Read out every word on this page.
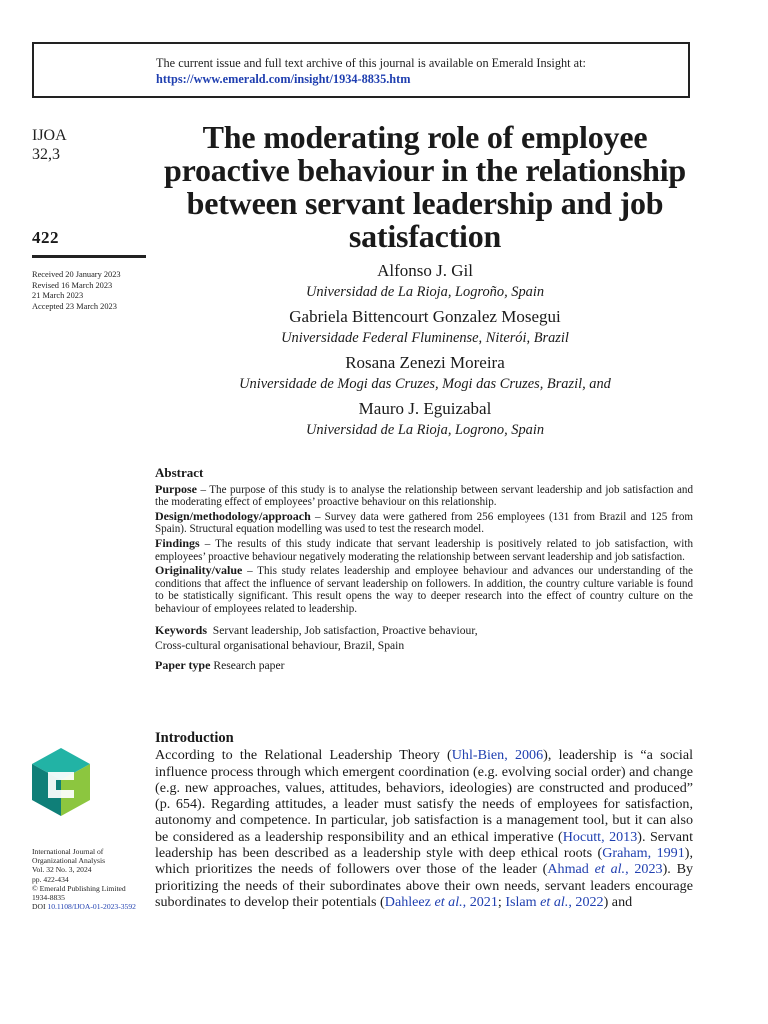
The current issue and full text archive of this journal is available on Emerald Insight at:
https://www.emerald.com/insight/1934-8835.htm
IJOA
32,3
422
Received 20 January 2023
Revised 16 March 2023
21 March 2023
Accepted 23 March 2023
The moderating role of employee proactive behaviour in the relationship between servant leadership and job satisfaction
Alfonso J. Gil
Universidad de La Rioja, Logroño, Spain
Gabriela Bittencourt Gonzalez Mosegui
Universidade Federal Fluminense, Niterói, Brazil
Rosana Zenezi Moreira
Universidade de Mogi das Cruzes, Mogi das Cruzes, Brazil, and
Mauro J. Eguizabal
Universidad de La Rioja, Logrono, Spain
Abstract

Purpose – The purpose of this study is to analyse the relationship between servant leadership and job satisfaction and the moderating effect of employees’ proactive behaviour on this relationship.

Design/methodology/approach – Survey data were gathered from 256 employees (131 from Brazil and 125 from Spain). Structural equation modelling was used to test the research model.

Findings – The results of this study indicate that servant leadership is positively related to job satisfaction, with employees’ proactive behaviour negatively moderating the relationship between servant leadership and job satisfaction.

Originality/value – This study relates leadership and employee behaviour and advances our understanding of the conditions that affect the influence of servant leadership on followers. In addition, the country culture variable is found to be statistically significant. This result opens the way to deeper research into the effect of country culture on the behaviour of employees related to leadership.

Keywords Servant leadership, Job satisfaction, Proactive behaviour,
Cross-cultural organisational behaviour, Brazil, Spain

Paper type Research paper

Introduction

According to the Relational Leadership Theory (Uhl-Bien, 2006), leadership is “a social influence process through which emergent coordination (e.g. evolving social order) and change (e.g. new approaches, values, attitudes, behaviors, ideologies) are constructed and produced” (p. 654). Regarding attitudes, a leader must satisfy the needs of employees for satisfaction, autonomy and competence. In particular, job satisfaction is a management tool, but it can also be considered as a leadership responsibility and an ethical imperative (Hocutt, 2013). Servant leadership has been described as a leadership style with deep ethical roots (Graham, 1991), which prioritizes the needs of followers over those of the leader (Ahmad et al., 2023). By prioritizing the needs of their subordinates above their own needs, servant leaders encourage subordinates to develop their potentials (Dahleez et al., 2021; Islam et al., 2022) and

International Journal of
Organizational Analysis
Vol. 32 No. 3, 2024
pp. 422-434
© Emerald Publishing Limited
1934-8835
DOI 10.1108/IJOA-01-2023-3592
